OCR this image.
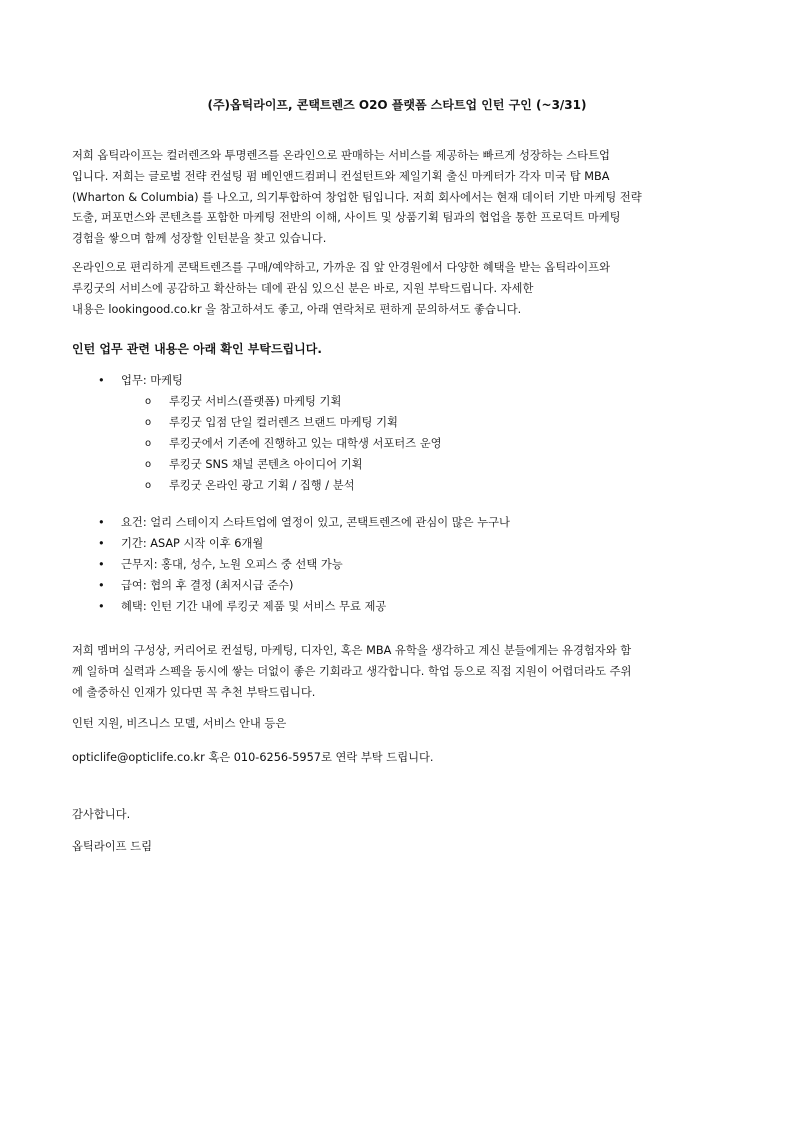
(주)옵틱라이프, 콘택트렌즈 O2O 플랫폼 스타트업 인턴 구인 (~3/31)

저희 옵틱라이프는 컬러렌즈와 투명렌즈를 온라인으로 판매하는 서비스를 제공하는 빠르게 성장하는 스타트업
입니다. 저희는 글로벌 전략 컨설팅 펌 베인앤드컴퍼니 컨설턴트와 제일기획 출신 마케터가 각자 미국 탑 MBA
(Wharton & Columbia) 를 나오고, 의기투합하여 창업한 팀입니다. 저희 회사에서는 현재 데이터 기반 마케팅 전략
도출, 퍼포먼스와 콘텐츠를 포함한 마케팅 전반의 이해, 사이트 및 상품기획 팀과의 협업을 통한 프로덕트 마케팅
경험을 쌓으며 함께 성장할 인턴분을 찾고 있습니다.

온라인으로 편리하게 콘택트렌즈를 구매/예약하고, 가까운 집 앞 안경원에서 다양한 혜택을 받는 옵틱라이프와
루킹굿의 서비스에 공감하고 확산하는 데에 관심 있으신 분은 바로, 지원 부탁드립니다. 자세한
내용은 lookingood.co.kr 을 참고하셔도 좋고, 아래 연락처로 편하게 문의하셔도 좋습니다.

인턴 업무 관련 내용은 아래 확인 부탁드립니다.

• 업무: 마케팅
o 루킹굿 서비스(플랫폼) 마케팅 기획
o 루킹굿 입점 단일 컬러렌즈 브랜드 마케팅 기획
o 루킹굿에서 기존에 진행하고 있는 대학생 서포터즈 운영
o 루킹굿 SNS 채널 콘텐츠 아이디어 기획
o 루킹굿 온라인 광고 기획 / 집행 / 분석
• 요건: 얼리 스테이지 스타트업에 열정이 있고, 콘택트렌즈에 관심이 많은 누구나
• 기간: ASAP 시작 이후 6개월
• 근무지: 홍대, 성수, 노원 오피스 중 선택 가능
• 급여: 협의 후 결정 (최저시급 준수)
• 혜택: 인턴 기간 내에 루킹굿 제품 및 서비스 무료 제공

저희 멤버의 구성상, 커리어로 컨설팅, 마케팅, 디자인, 혹은 MBA 유학을 생각하고 계신 분들에게는 유경험자와 함
께 일하며 실력과 스펙을 동시에 쌓는 더없이 좋은 기회라고 생각합니다. 학업 등으로 직접 지원이 어렵더라도 주위
에 출중하신 인재가 있다면 꼭 추천 부탁드립니다.

인턴 지원, 비즈니스 모델, 서비스 안내 등은

opticlife@opticlife.co.kr 혹은 010-6256-5957로 연락 부탁 드립니다.

감사합니다.

옵틱라이프 드림
